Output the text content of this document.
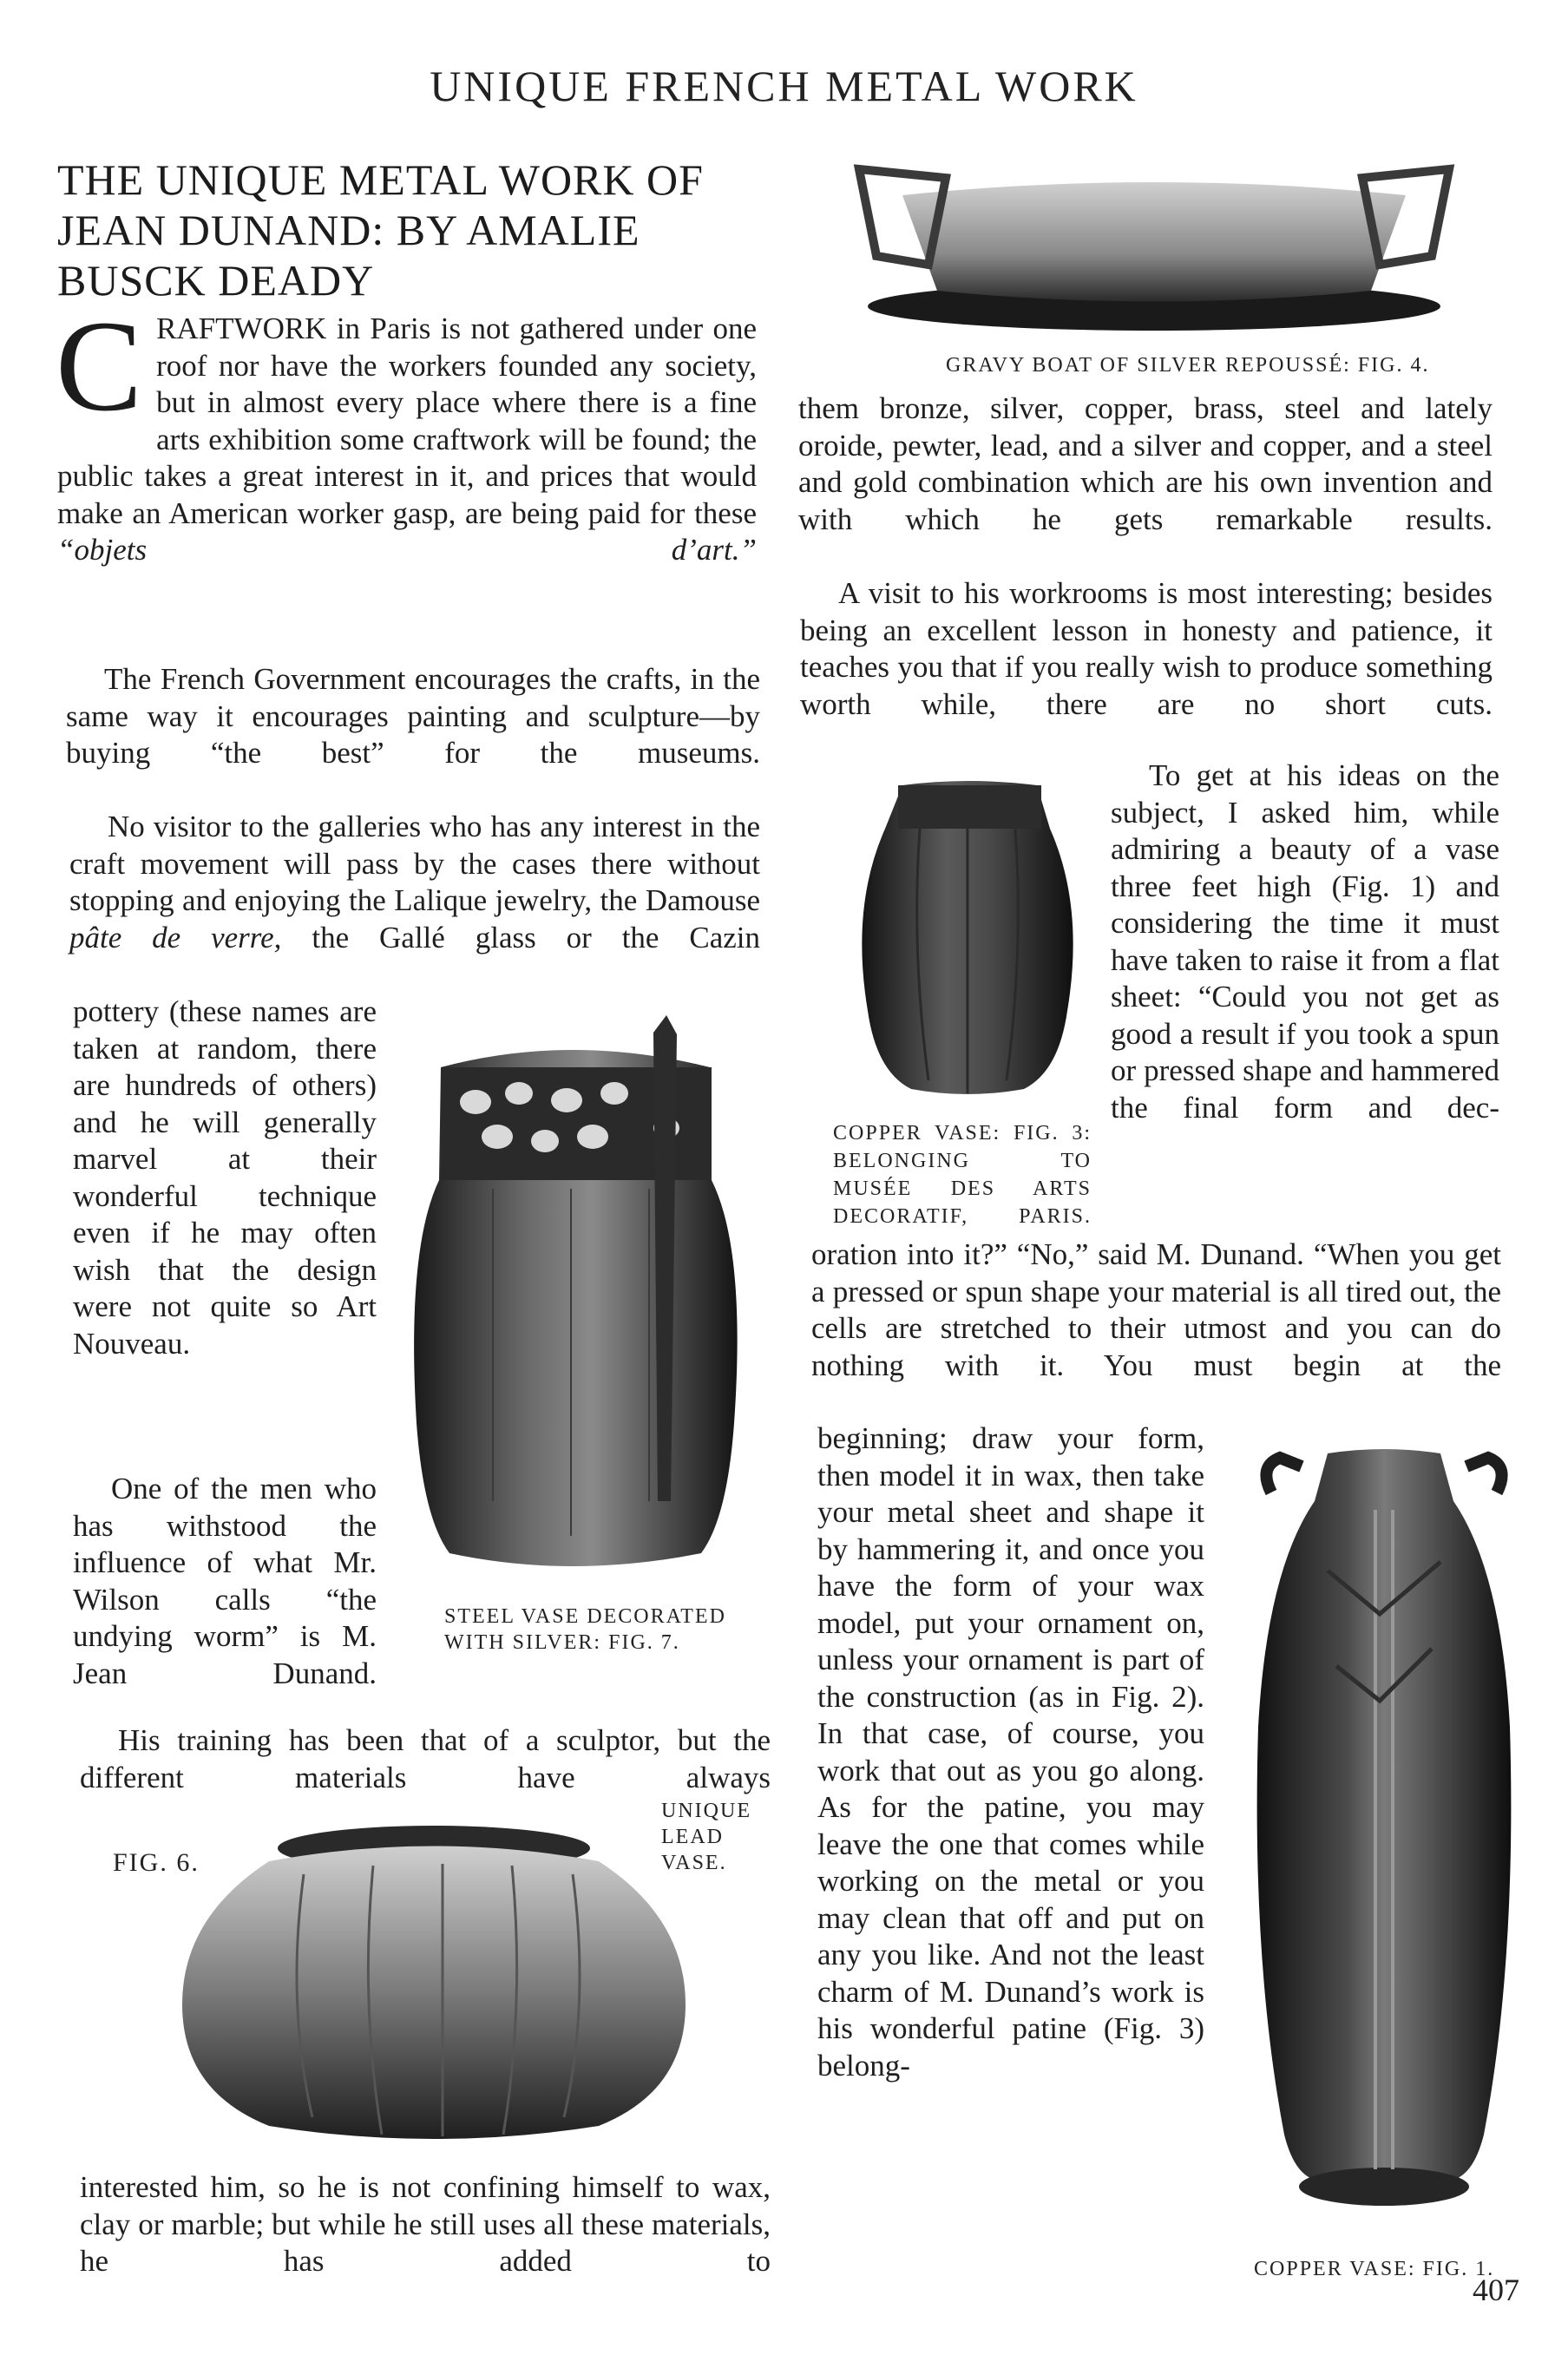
UNIQUE FRENCH METAL WORK
THE UNIQUE METAL WORK OF JEAN DUNAND: BY AMALIE BUSCK DEADY
C RAFTWORK in Paris is not gathered under one roof nor have the workers founded any society, but in almost every place where there is a fine arts exhibition some craftwork will be found; the public takes a great interest in it, and prices that would make an American worker gasp, are being paid for these “objets d’art.”
The French Government encourages the crafts, in the same way it encourages painting and sculpture—by buying “the best” for the museums.
No visitor to the galleries who has any interest in the craft movement will pass by the cases there without stopping and enjoying the Lalique jewelry, the Damouse pâte de verre, the Gallé glass or the Cazin
pottery (these names are taken at random, there are hundreds of others) and he will generally marvel at their wonderful technique even if he may often wish that the design were not quite so Art Nouveau.
One of the men who has withstood the influence of what Mr. Wilson calls “the undying worm” is M. Jean Dunand.
His training has been that of a sculptor, but the different materials have always
interested him, so he is not confining himself to wax, clay or marble; but while he still uses all these materials, he has added to
STEEL VASE DECORATED WITH SILVER: FIG. 7.
FIG. 6.
UNIQUE LEAD VASE.
GRAVY BOAT OF SILVER REPOUSSÉ: FIG. 4.
them bronze, silver, copper, brass, steel and lately oroide, pewter, lead, and a silver and copper, and a steel and gold combination which are his own invention and with which he gets remarkable results.
A visit to his workrooms is most interesting; besides being an excellent lesson in honesty and patience, it teaches you that if you really wish to produce something worth while, there are no short cuts.
COPPER VASE: FIG. 3: BELONGING TO MUSÉE DES ARTS DECORATIF, PARIS.
To get at his ideas on the subject, I asked him, while admiring a beauty of a vase three feet high (Fig. 1) and considering the time it must have taken to raise it from a flat sheet: “Could you not get as good a result if you took a spun or pressed shape and hammered the final form and dec-
oration into it?” “No,” said M. Dunand. “When you get a pressed or spun shape your material is all tired out, the cells are stretched to their utmost and you can do nothing with it. You must begin at the
beginning; draw your form, then model it in wax, then take your metal sheet and shape it by hammering it, and once you have the form of your wax model, put your ornament on, unless your ornament is part of the construction (as in Fig. 2). In that case, of course, you work that out as you go along. As for the patine, you may leave the one that comes while working on the metal or you may clean that off and put on any you like. And not the least charm of M. Dunand’s work is his wonderful patine (Fig. 3) belong-
COPPER VASE: FIG. 1.
407
